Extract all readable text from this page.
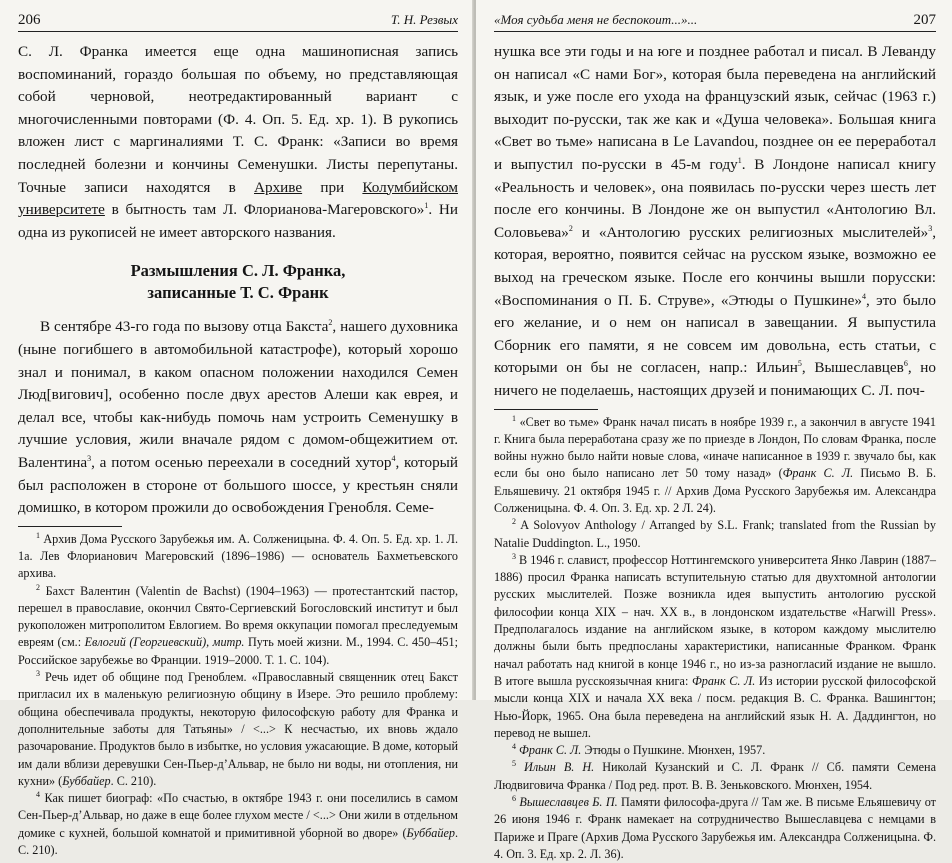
206	Т. Н. Резвых

С. Л. Франка имеется еще одна машинописная запись воспоминаний, гораздо большая по объему, но представляющая собой черновой, неотредактированный вариант с многочисленными повторами (Ф. 4. Оп. 5. Ед. хр. 1). В рукопись вложен лист с маргиналиями Т. С. Франк: «Записи во время последней болезни и кончины Семенушки. Листы перепутаны. Точные записи находятся в Архиве при Колумбийском университете в бытность там Л. Флорианова-Магеровского»$^1$. Ни одна из рукописей не имеет авторского названия.

Размышления С. Л. Франка,
записанные Т. С. Франк

В сентябре 43-го года по вызову отца Бакста$^2$, нашего духовника (ныне погибшего в автомобильной катастрофе), который хорошо знал и понимал, в каком опасном положении находился Семен Люд[вигович], особенно после двух арестов Алеши как еврея, и делал все, чтобы как-нибудь помочь нам устроить Семенушку в лучшие условия, жили вначале рядом с домом-общежитием от. Валентина$^3$, а потом осенью переехали в соседний хутор$^4$, который был расположен в стороне от большого шоссе, у крестьян сняли домишко, в котором прожили до освобождения Гренобля. Семе-

$^1$ Архив Дома Русского Зарубежья им. А. Солженицына. Ф. 4. Оп. 5. Ед. хр. 1. Л. 1а. Лев Флорианович Магеровский (1896–1986) — основатель Бахметьевского архива.

$^2$ Бахст Валентин (Valentin de Bachst) (1904–1963) — протестантский пастор, перешел в православие, окончил Свято-Сергиевский Богословский институт и был рукоположен митрополитом Евлогием. Во время оккупации помогал преследуемым евреям (см.: Евлогий (Георгиевский), митр. Путь моей жизни. М., 1994. С. 450–451; Российское зарубежье во Франции. 1919–2000. Т. 1. С. 104).

$^3$ Речь идет об общине под Греноблем. «Православный священник отец Бакст пригласил их в маленькую религиозную общину в Изере. Это решило проблему: община обеспечивала продукты, некоторую философскую работу для Франка и дополнительные заботы для Татьяны» / <...> К несчастью, их вновь ждало разочарование. Продуктов было в избытке, но условия ужасающие. В доме, который им дали вблизи деревушки Сен-Пьер-д’Альвар, не было ни воды, ни отопления, ни кухни» (Буббайер. С. 210).

$^4$ Как пишет биограф: «По счастью, в октябре 1943 г. они поселились в самом Сен-Пьер-д’Альвар, но даже в еще более глухом месте / <...> Они жили в отдельном домике с кухней, большой комнатой и примитивной уборной во дворе» (Буббайер. С. 210).

«Моя судьба меня не беспокоит...»...	207

нушка все эти годы и на юге и позднее работал и писал. В Левандy он написал «С нами Бог», которая была переведена на английский язык, и уже после его ухода на французский язык, сейчас (1963 г.) выходит по-русски, так же как и «Душа человека». Большая книга «Свет во тьме» написана в Le Lavandou, позднее он ее переработал и выпустил по-русски в 45-м году$^1$. В Лондоне написал книгу «Реальность и человек», она появилась по-русски через шесть лет после его кончины. В Лондоне же он выпустил «Антологию Вл. Соловьева»$^2$ и «Антологию русских религиозных мыслителей»$^3$, которая, вероятно, появится сейчас на русском языке, возможно ее выход на греческом языке. После его кончины вышли порусски: «Воспоминания о П. Б. Струве», «Этюды о Пушкине»$^4$, это было его желание, и о нем он написал в завещании. Я выпустила Сборник его памяти, я не совсем им довольна, есть статьи, с которыми он бы не согласен, напр.: Ильин$^5$, Вышеславцев$^6$, но ничего не поделаешь, настоящих друзей и понимающих С. Л. поч-

$^1$ «Свет во тьме» Франк начал писать в ноябре 1939 г., а закончил в августе 1941 г. Книга была переработана сразу же по приезде в Лондон, По словам Франка, после войны нужно было найти новые слова, «иначе написанное в 1939 г. звучало бы, как если бы оно было написано лет 50 тому назад» (Франк С. Л. Письмо В. Б. Ельяшевичу. 21 октября 1945 г. // Архив Дома Русского Зарубежья им. Александра Солженицына. Ф. 4. Оп. 3. Ед. хр. 2 Л. 24).

$^2$ A Solovyov Anthology / Arranged by S.L. Frank; translated from the Russian by Natalie Duddington. L., 1950.

$^3$ В 1946 г. славист, профессор Ноттингемского университета Янко Лаврин (1887–1886) просил Франка написать вступительную статью для двухтомной антологии русских мыслителей. Позже возникла идея выпустить антологию русской философии конца XIX – нач. XX в., в лондонском издательстве «Harwill Press». Предполагалось издание на английском языке, в котором каждому мыслителю должны были быть предпосланы характеристики, написанные Франком. Франк начал работать над книгой в конце 1946 г., но из-за разногласий издание не вышло. В итоге вышла русскоязычная книга: Франк С. Л. Из истории русской философской мысли конца XIX и начала XX века / посм. редакция В. С. Франка. Вашингтон; Нью-Йорк, 1965. Она была переведена на английский язык Н. А. Даддингтон, но перевод не вышел.

$^4$ Франк С. Л. Этюды о Пушкине. Мюнхен, 1957.

$^5$ Ильин В. Н. Николай Кузанский и С. Л. Франк // Сб. памяти Семена Людвиговича Франка / Под ред. прот. В. В. Зеньковского. Мюнхен, 1954.

$^6$ Вышеславцев Б. П. Памяти философа-друга // Там же. В письме Ельяшевичу от 26 июня 1946 г. Франк намекает на сотрудничество Вышеславцева с немцами в Париже и Праге (Архив Дома Русского Зарубежья им. Александра Солженицына. Ф. 4. Оп. 3. Ед. хр. 2. Л. 36).
